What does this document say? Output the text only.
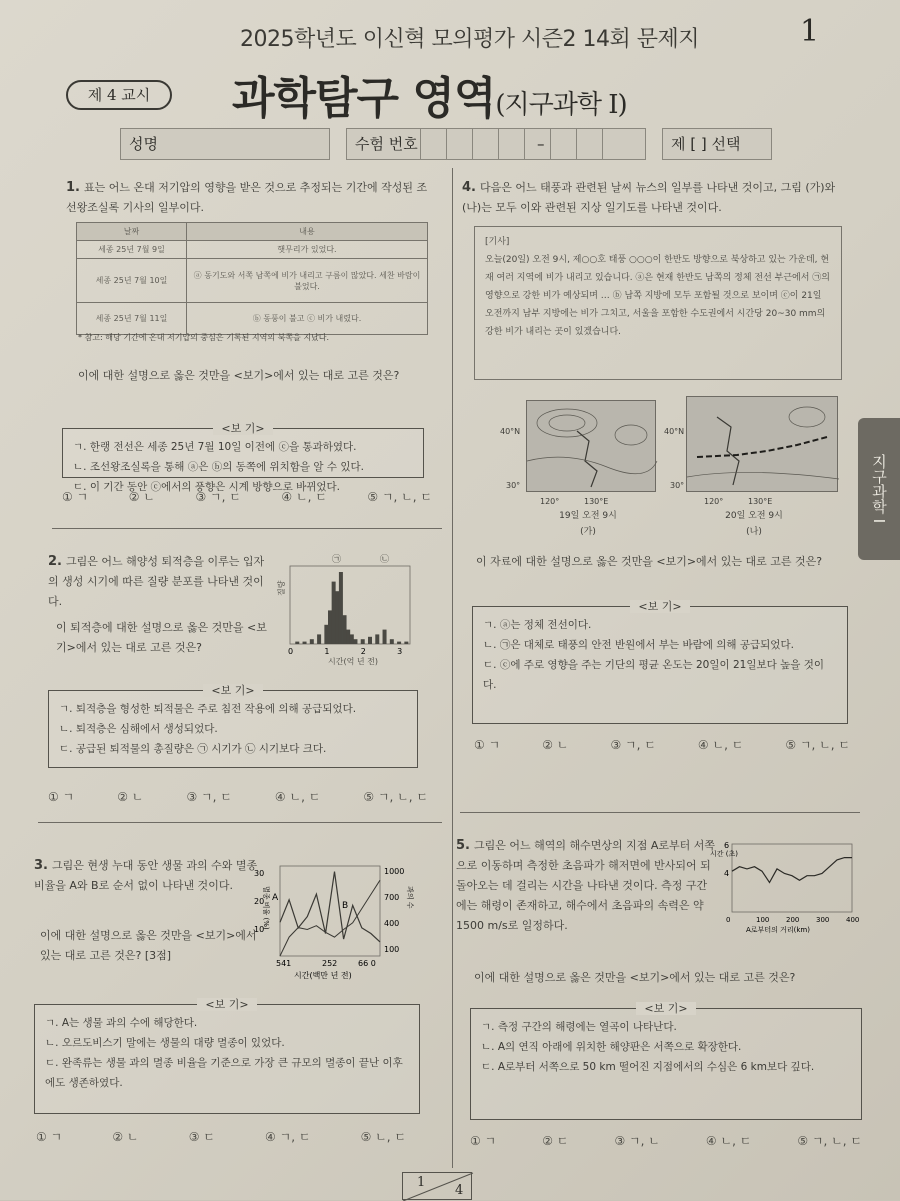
2025학년도 이신혁 모의평가 시즌2 14회 문제지	1
제 4 교시	과학탐구 영역(지구과학 I)
성명	수험 번호	–	제 [ ] 선택
지구과학 I
1. 표는 어느 온대 저기압의 영향을 받은 것으로 추정되는 기간에 작성된 조선왕조실록 기사의 일부이다.
날짜	내용
세종 25년 7월 9일	햇무리가 있었다.
세종 25년 7월 10일	ⓐ 동기도와 서쪽 남쪽에 비가 내리고 구름이 많았다. 세찬 바람이 불었다.
세종 25년 7월 11일	ⓑ 동풍이 불고 ⓒ 비가 내렸다.
* 참고: 해당 기간에 온대 저기압의 중심은 기록된 지역의 북쪽을 지났다.
이에 대한 설명으로 옳은 것만을 <보기>에서 있는 대로 고른 것은?
<보 기>
ㄱ. 한랭 전선은 세종 25년 7월 10일 이전에 ⓒ을 통과하였다.
ㄴ. 조선왕조실록을 통해 ⓐ은 ⓑ의 동쪽에 위치함을 알 수 있다.
ㄷ. 이 기간 동안 ⓒ에서의 풍향은 시계 방향으로 바뀌었다.
① ㄱ	② ㄴ	③ ㄱ, ㄷ	④ ㄴ, ㄷ	⑤ ㄱ, ㄴ, ㄷ
2. 그림은 어느 해양성 퇴적층을 이루는 입자의 생성 시기에 따른 질량 분포를 나타낸 것이다.
이 퇴적층에 대한 설명으로 옳은 것만을 <보기>에서 있는 대로 고른 것은?	0	1	2	3
㉠	㉡
시간(억 년 전)
질량
<보 기>
ㄱ. 퇴적층을 형성한 퇴적물은 주로 침전 작용에 의해 공급되었다.
ㄴ. 퇴적층은 심해에서 생성되었다.
ㄷ. 공급된 퇴적물의 총질량은 ㉠ 시기가 ㉡ 시기보다 크다.
① ㄱ	② ㄴ	③ ㄱ, ㄷ	④ ㄴ, ㄷ	⑤ ㄱ, ㄴ, ㄷ
3. 그림은 현생 누대 동안 생물 과의 수와 멸종 비율을 A와 B로 순서 없이 나타낸 것이다.
이에 대한 설명으로 옳은 것만을 <보기>에서 있는 대로 고른 것은? [3점]
30
20
10
1000
700
400
100
541	252	66 0
시간(백만 년 전)
A
B
멸종 비율 (%)	과의 수
<보 기>
ㄱ. A는 생물 과의 수에 해당한다.
ㄴ. 오르도비스기 말에는 생물의 대량 멸종이 있었다.
ㄷ. 완족류는 생물 과의 멸종 비율을 기준으로 가장 큰 규모의 멸종이 끝난 이후에도 생존하였다.
① ㄱ	② ㄴ	③ ㄷ	④ ㄱ, ㄷ	⑤ ㄴ, ㄷ
4. 다음은 어느 태풍과 관련된 날씨 뉴스의 일부를 나타낸 것이고, 그림 (가)와 (나)는 모두 이와 관련된 지상 일기도를 나타낸 것이다.
[기사]
오늘(20일) 오전 9시, 제○○호 태풍 ○○○이 한반도 방향으로 북상하고 있는 가운데, 현재 여러 지역에 비가 내리고 있습니다. ⓐ은 현재 한반도 남쪽의 정체 전선 부근에서 ㉠의 영향으로 강한 비가 예상되며 … ⓑ 남쪽 지방에 모두 포함될 것으로 보이며 ⓒ이 21일 오전까지 남부 지방에는 비가 그치고, 서울을 포함한 수도권에서 시간당 20~30 mm의 강한 비가 내리는 곳이 있겠습니다.
40°N
30°
40°N
30°
120°	130°E	120°	130°E
19일 오전 9시
(가)
20일 오전 9시
(나)
이 자료에 대한 설명으로 옳은 것만을 <보기>에서 있는 대로 고른 것은?
<보 기>
ㄱ. ⓐ는 정체 전선이다.
ㄴ. ㉠은 대체로 태풍의 안전 반원에서 부는 바람에 의해 공급되었다.
ㄷ. ⓒ에 주로 영향을 주는 기단의 평균 온도는 20일이 21일보다 높을 것이다.
① ㄱ	② ㄴ	③ ㄱ, ㄷ	④ ㄴ, ㄷ	⑤ ㄱ, ㄴ, ㄷ
5. 그림은 어느 해역의 해수면상의 지점 A로부터 서쪽으로 이동하며 측정한 초음파가 해저면에 반사되어 되돌아오는 데 걸리는 시간을 나타낸 것이다. 측정 구간에는 해령이 존재하고, 해수에서 초음파의 속력은 약 1500 m/s로 일정하다.
6
4
시간 (초)
0	100 200 300 400
A로부터의 거리(km)
이에 대한 설명으로 옳은 것만을 <보기>에서 있는 대로 고른 것은?
<보 기>
ㄱ. 측정 구간의 해령에는 열곡이 나타난다.
ㄴ. A의 연직 아래에 위치한 해양판은 서쪽으로 확장한다.
ㄷ. A로부터 서쪽으로 50 km 떨어진 지점에서의 수심은 6 km보다 깊다.
① ㄱ	② ㄷ	③ ㄱ, ㄴ	④ ㄴ, ㄷ	⑤ ㄱ, ㄴ, ㄷ
1
4
